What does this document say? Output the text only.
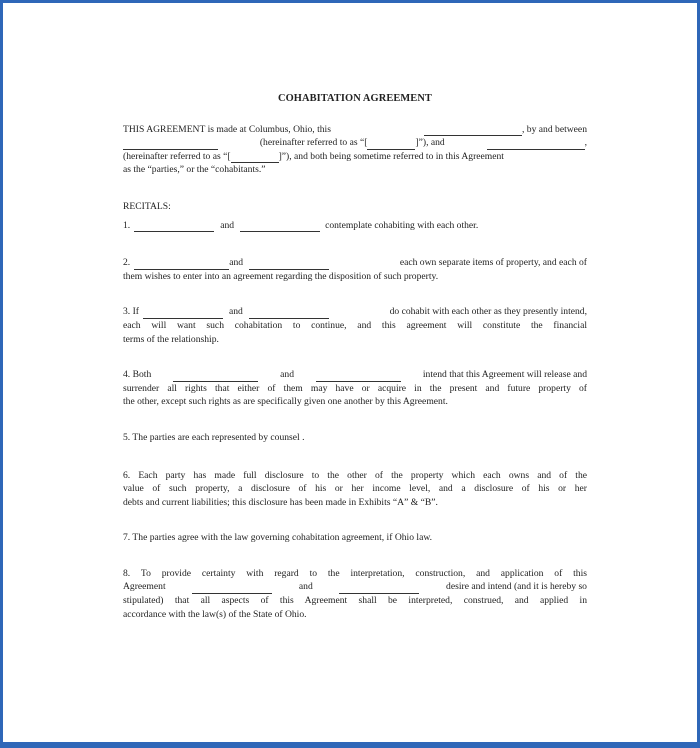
COHABITATION AGREEMENT
THIS AGREEMENT is made at Columbus, Ohio, this	, by and between
(hereinafter referred to as “[	]”), and	,
(hereinafter referred to as “[	]”), and both being sometime referred to in this Agreement
as the “parties,” or the “cohabitants.”
RECITALS:
1.	and	contemplate cohabiting with each other.
2.	and	each own separate items of property, and each of
them wishes to enter into an agreement regarding the disposition of such property.
3. If	and	do cohabit with each other as they presently intend,

each will want such cohabitation to continue, and this agreement will constitute the financial

terms of the relationship.
4. Both	and	intend that this Agreement will release and

surrender all rights that either of them may have or acquire in the present and future property of

the other, except such rights as are specifically given one another by this Agreement.
5. The parties are each represented by counsel .

6. Each party has made full disclosure to the other of the property which each owns and of the

value of such property, a disclosure of his or her income level, and a disclosure of his or her

debts and current liabilities; this disclosure has been made in Exhibits “A” & “B”.
7. The parties agree with the law governing cohabitation agreement, if Ohio law.

8. To provide certainty with regard to the interpretation, construction, and application of this

Agreement	and	desire and intend (and it is hereby so

stipulated) that all aspects of this Agreement shall be interpreted, construed, and applied in

accordance with the law(s) of the State of Ohio.
